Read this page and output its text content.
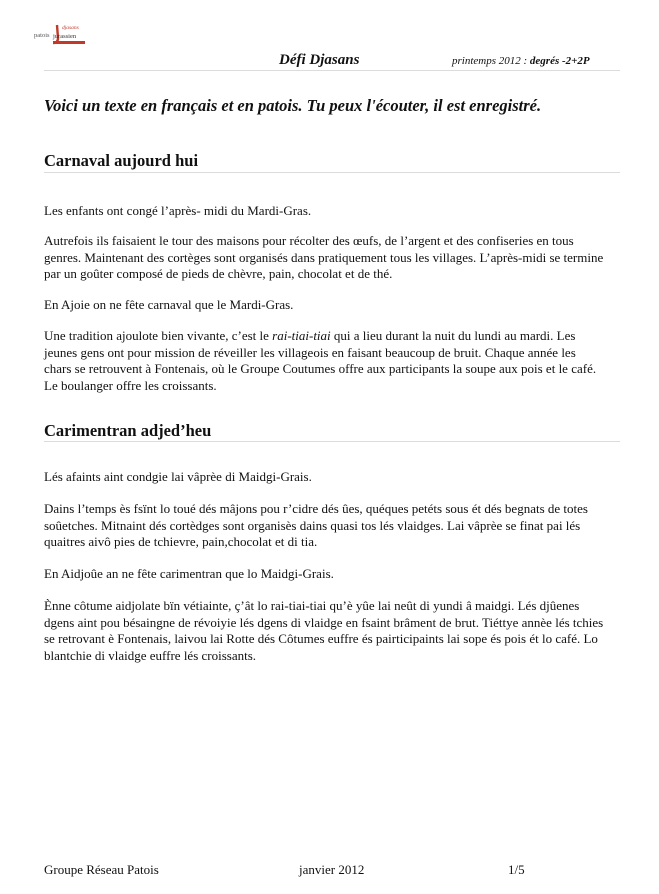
djasans
patois jurassien
Défi Djasans	printemps 2012 : degrés -2+2P
Voici un texte en français et en patois. Tu peux l'écouter, il est enregistré.
Carnaval aujourd hui
Les enfants ont congé l’après- midi du Mardi-Gras.
Autrefois ils faisaient le tour des maisons pour récolter des œufs, de l’argent et des confiseries en tous genres. Maintenant des cortèges sont organisés dans pratiquement tous les villages. L’après-midi se termine par un goûter composé de pieds de chèvre, pain, chocolat et de thé.
En Ajoie on ne fête carnaval que le Mardi-Gras.
Une tradition ajoulote bien vivante, c’est le rai-tiai-tiai qui a lieu durant la nuit du lundi au mardi. Les jeunes gens ont pour mission de réveiller les villageois en faisant beaucoup de bruit. Chaque année les chars se retrouvent à Fontenais, où le Groupe Coutumes offre aux participants la soupe aux pois et le café. Le boulanger offre les croissants.
Carimentran adjed’heu
Lés afaints aint condgie lai vâprèe di Maidgi-Grais.
Dains l’temps ès fsïnt lo toué dés mâjons pou r’cidre dés ûes, quéques petéts sous ét dés begnats de totes soûetches. Mitnaint dés cortèdges sont organisès dains quasi tos lés vlaidges. Lai vâprèe se finat pai lés quaitres aivô pies de tchievre, pain,chocolat et di tia.
En Aidjoûe an ne fête carimentran que lo Maidgi-Grais.
Ènne côtume aidjolate bïn vétiainte, ç’ât lo rai-tiai-tiai qu’è yûe lai neût di yundi â maidgi. Lés djûenes dgens aint pou bésaingne de révoiyie lés dgens di vlaidge en fsaint brâment de brut. Tiéttye annèe lés tchies se retrovant è Fontenais, laivou lai Rotte dés Côtumes euffre és pairticipaints lai sope és pois ét lo café. Lo blantchie di vlaidge euffre lés croissants.
Groupe Réseau Patois	janvier 2012	1/5
